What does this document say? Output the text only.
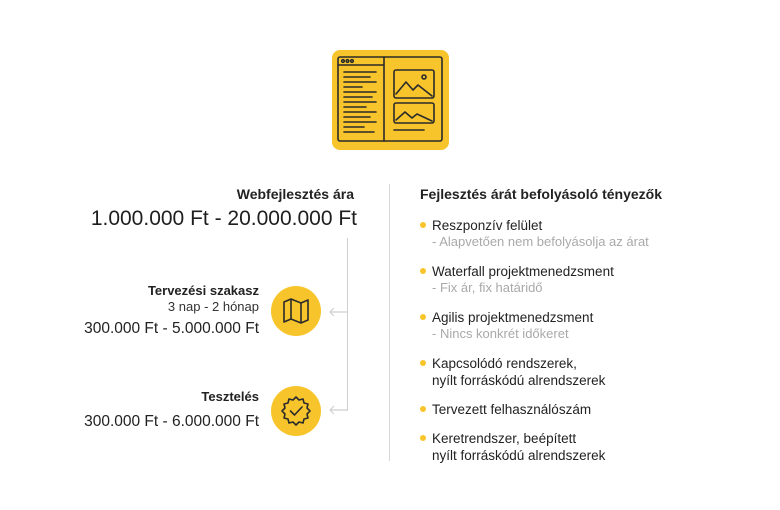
Webfejlesztés ára
1.000.000 Ft - 20.000.000 Ft
Tervezési szakasz
3 nap - 2 hónap
300.000 Ft - 5.000.000 Ft
Tesztelés
300.000 Ft - 6.000.000 Ft
Fejlesztés árát befolyásoló tényezők
Reszponzív felület
- Alapvetően nem befolyásolja az árat
Waterfall projektmenedzsment
- Fix ár, fix határidő
Agilis projektmenedzsment
- Nincs konkrét időkeret
Kapcsolódó rendszerek,
nyílt forráskódú alrendszerek
Tervezett felhasználószám
Keretrendszer, beépített
nyílt forráskódú alrendszerek
